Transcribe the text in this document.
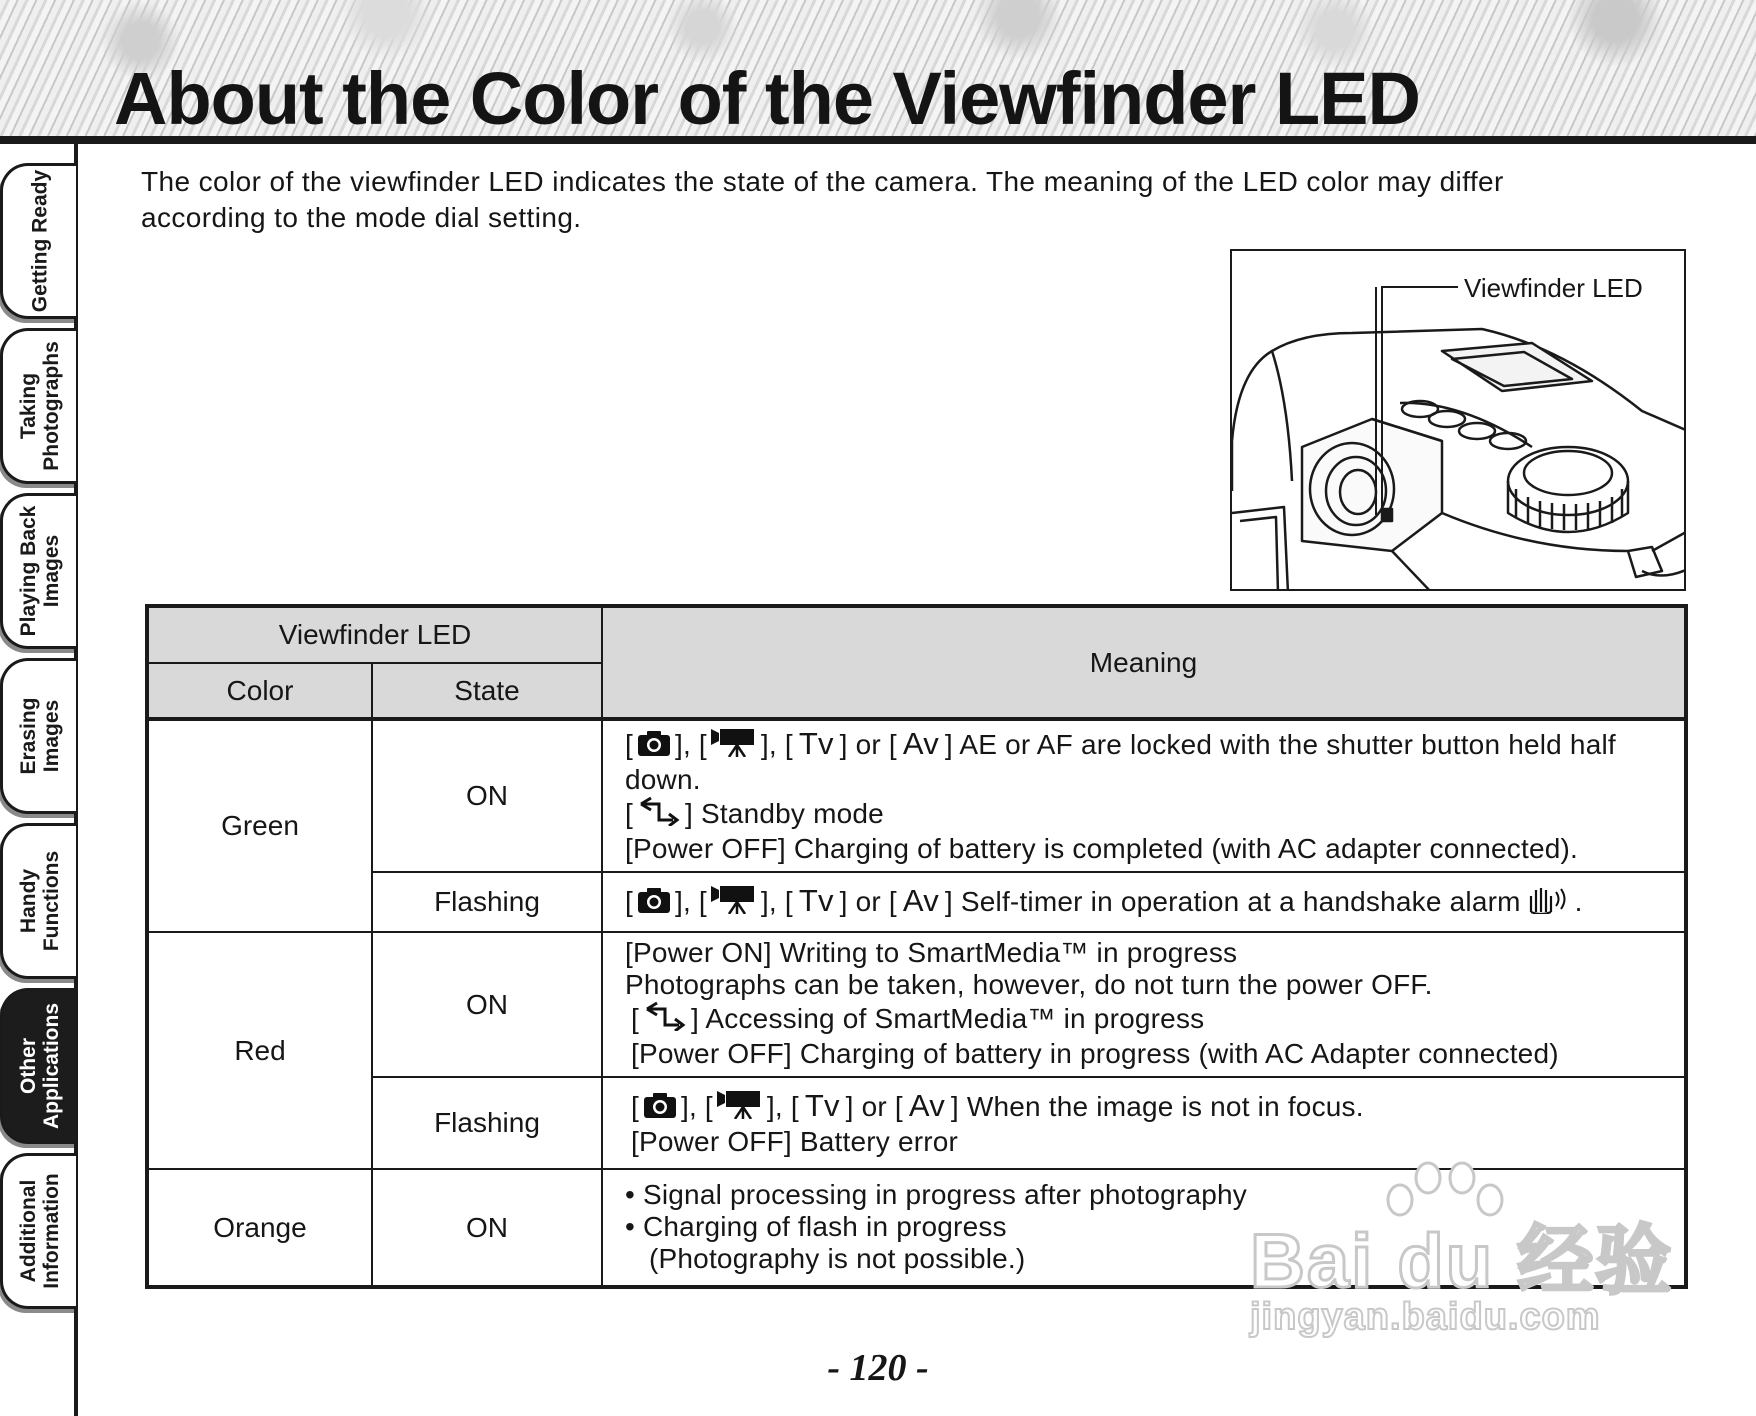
About the Color of the Viewfinder LED
Getting Ready
Taking Photographs
Playing Back Images
Erasing Images
Handy Functions
Other Applications
Additional Information

The color of the viewfinder LED indicates the state of the camera. The meaning of the LED color may differ according to the mode dial setting.

Viewfinder LED
Viewfinder LED		Meaning
Color	State	
Green	ON	[ ], [ ], [ Tv ] or [ Av ] AE or AF are locked with the shutter button held half down.
[ ] Standby mode
[Power OFF] Charging of battery is completed (with AC adapter connected).

	Flashing	[ ], [ ], [ Tv ] or [ Av ] Self-timer in operation at a handshake alarm .

Red	ON	[Power ON] Writing to SmartMedia™ in progress
Photographs can be taken, however, do not turn the power OFF.
[ ] Accessing of SmartMedia™ in progress
[Power OFF] Charging of battery in progress (with AC Adapter connected)

	Flashing	[ ], [ ], [ Tv ] or [ Av ] When the image is not in focus.
[Power OFF] Battery error

Orange	ON	• Signal processing in progress after photography
• Charging of flash in progress
(Photography is not possible.)	Bai du 经验
jingyan.baidu.com
- 120 -
